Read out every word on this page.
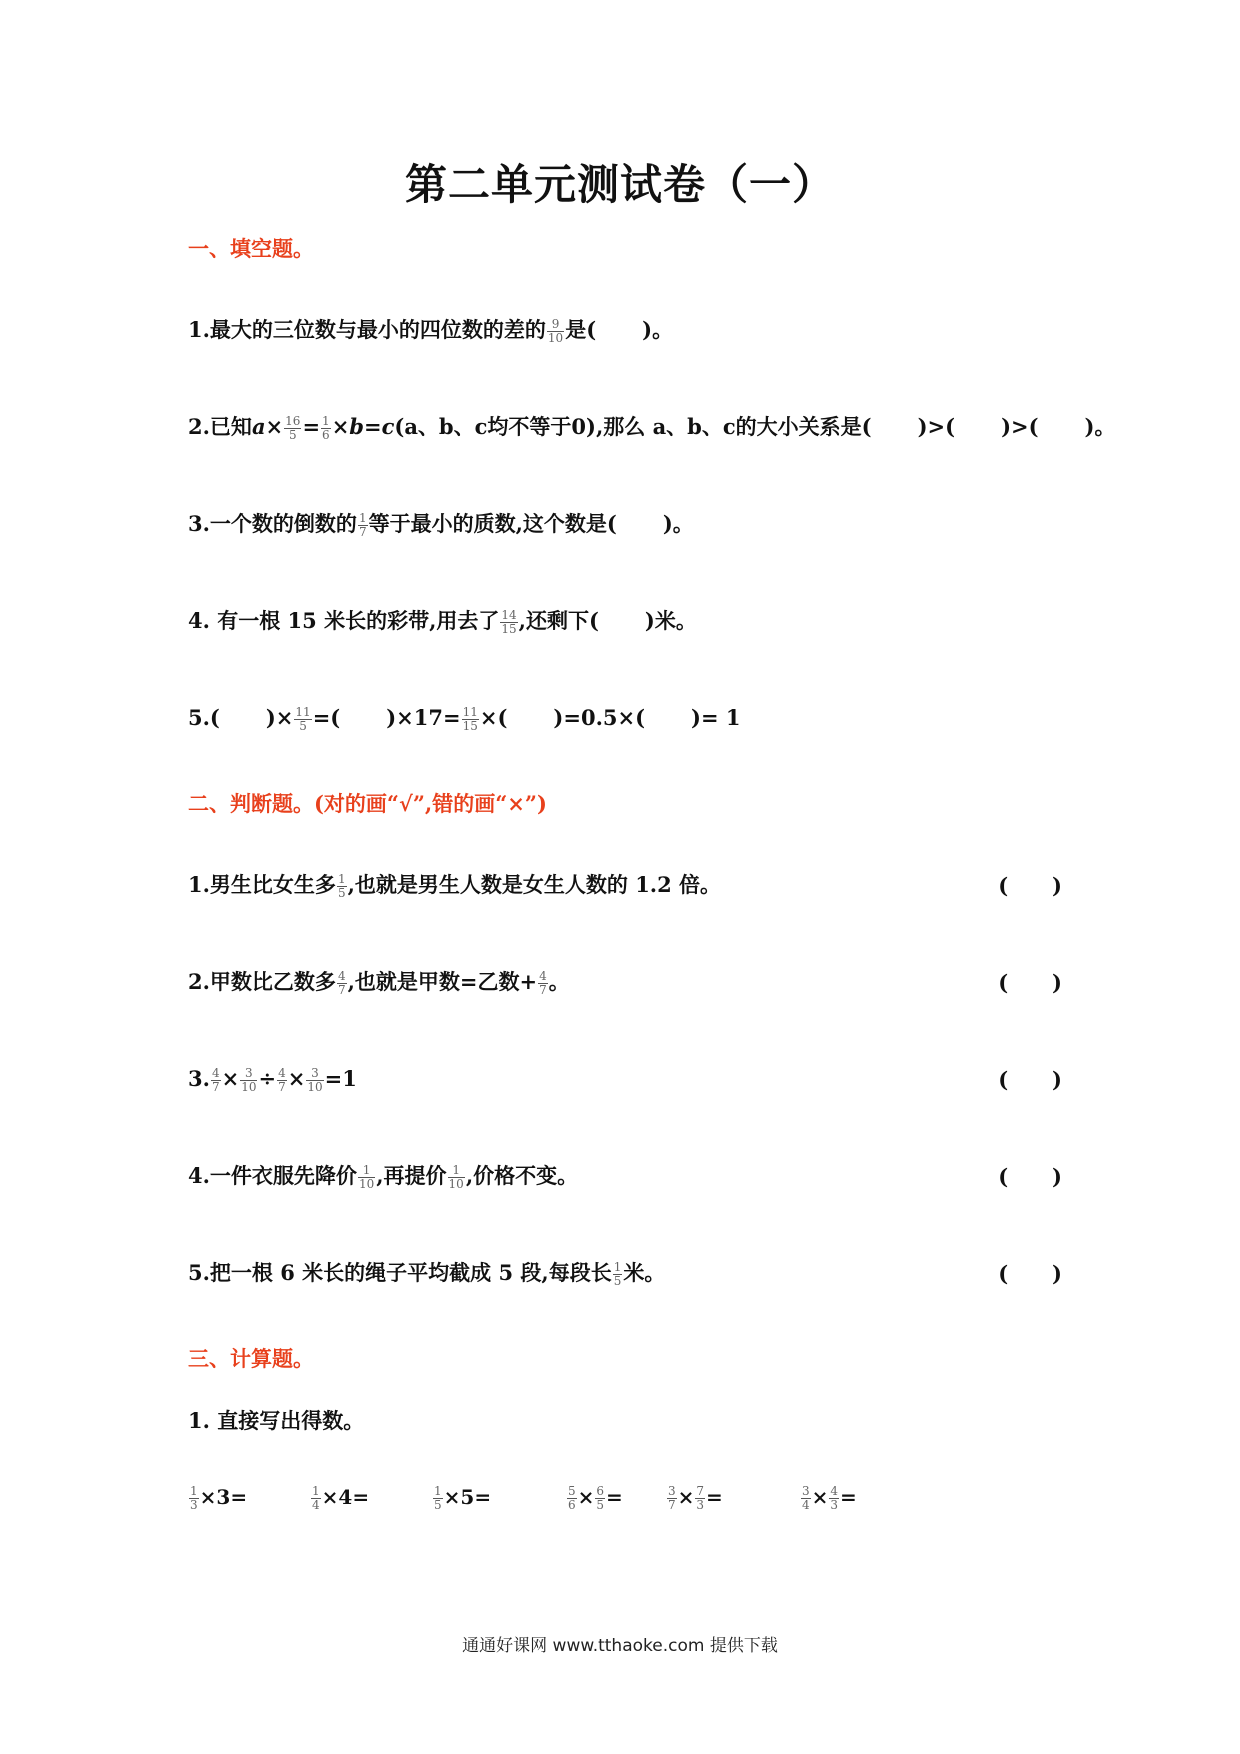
第二单元测试卷（一）
一、填空题。
1.最大的三位数与最小的四位数的差的 $\frac{9}{10}$ 是( )。
2.已知$a\times \frac{16}{5} = \frac{1}{6} \times b=c(a$、b、c均不等于0),那么 a、b、c的大小关系是( )>( )>( )。
3.一个数的倒数的 $\frac{1}{7}$ 等于最小的质数,这个数是( )。
4. 有一根 15 米长的彩带,用去了 $\frac{14}{15}$ ,还剩下( )米。
5.( )× $\frac{11}{5}$ =( )$\times 17= \frac{11}{15}$ ×( )=0.5×( )= 1
二、判断题。(对的画“√”,错的画“×”)
1.男生比女生多 $\frac{1}{5}$ ,也就是男生人数是女生人数的 1.2 倍。	(      )
2.甲数比乙数多 $\frac{4}{7}$ ,也就是甲数=乙数+ $\frac{4}{7}$ 。	(      )
3. $\frac{4}{7} \times \frac{3}{10} \div \frac{4}{7} \times \frac{3}{10} =1$	(      )
4.一件衣服先降价 $\frac{1}{10}$ ,再提价 $\frac{1}{10}$ ,价格不变。	(      )
5.把一根 6 米长的绳子平均截成 5 段,每段长 $\frac{1}{5}$ 米。	(      )
三、计算题。
1. 直接写出得数。
$\frac{1}{3} \times 3=$	$\frac{1}{4} \times 4=$	$\frac{1}{5} \times 5=$	$\frac{5}{6} \times \frac{6}{5}$ =	$\frac{3}{7} \times \frac{7}{3}$ =	$\frac{3}{4} \times \frac{4}{3}$ =
通通好课网 www.tthaoke.com 提供下载
